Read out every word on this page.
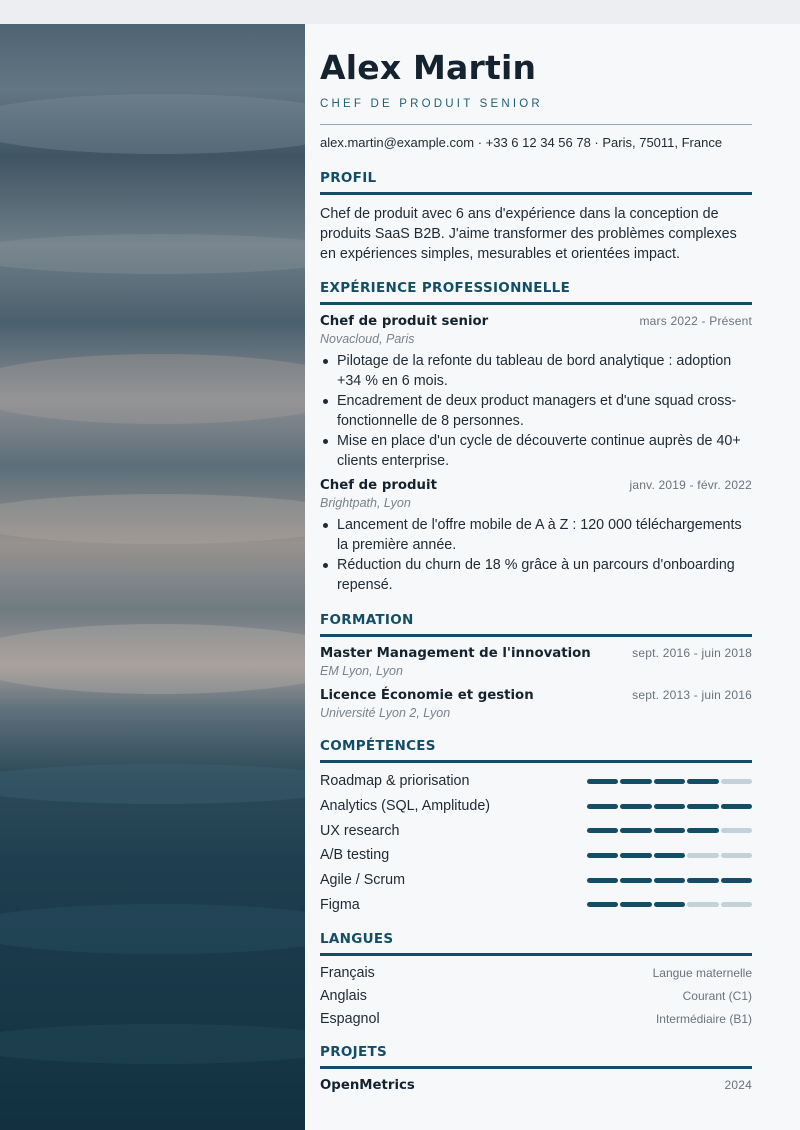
Alex Martin
CHEF DE PRODUIT SENIOR
alex.martin@example.com · +33 6 12 34 56 78 · Paris, 75011, France
PROFIL
Chef de produit avec 6 ans d'expérience dans la conception de produits SaaS B2B. J'aime transformer des problèmes complexes en expériences simples, mesurables et orientées impact.
EXPÉRIENCE PROFESSIONNELLE
Chef de produit senior	mars 2022 - Présent
Novacloud, Paris
Pilotage de la refonte du tableau de bord analytique : adoption +34 % en 6 mois.
Encadrement de deux product managers et d'une squad cross-fonctionnelle de 8 personnes.
Mise en place d'un cycle de découverte continue auprès de 40+ clients enterprise.
Chef de produit	janv. 2019 - févr. 2022
Brightpath, Lyon
Lancement de l'offre mobile de A à Z : 120 000 téléchargements la première année.
Réduction du churn de 18 % grâce à un parcours d'onboarding repensé.
FORMATION
Master Management de l'innovation	sept. 2016 - juin 2018
EM Lyon, Lyon
Licence Économie et gestion	sept. 2013 - juin 2016
Université Lyon 2, Lyon
COMPÉTENCES
Roadmap & priorisation
Analytics (SQL, Amplitude)
UX research
A/B testing
Agile / Scrum
Figma
LANGUES
Français	Langue maternelle
Anglais	Courant (C1)
Espagnol	Intermédiaire (B1)
PROJETS
OpenMetrics	2024
